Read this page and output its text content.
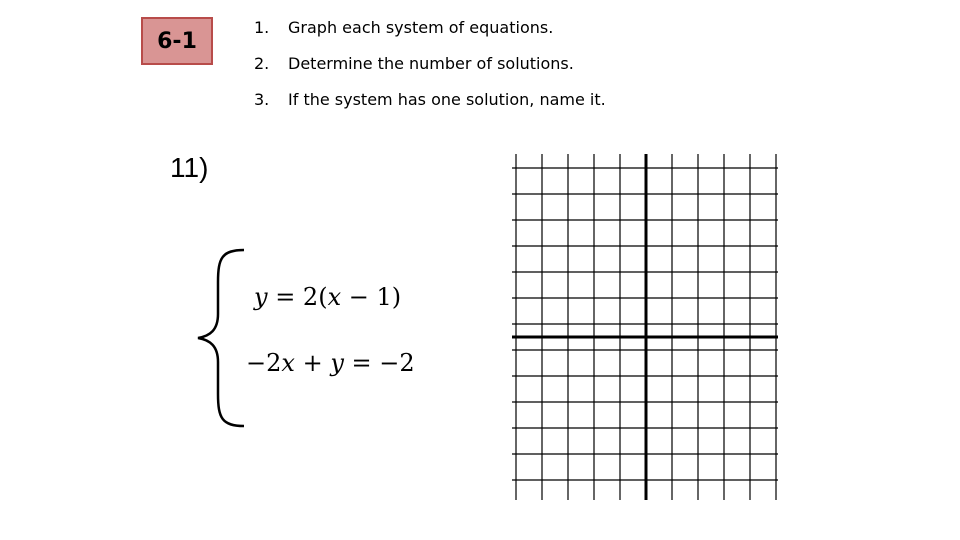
6-1
1. Graph each system of equations.
2. Determine the number of solutions.
3. If the system has one solution, name it.
11)
y = 2(x − 1)
−2x + y = −2
